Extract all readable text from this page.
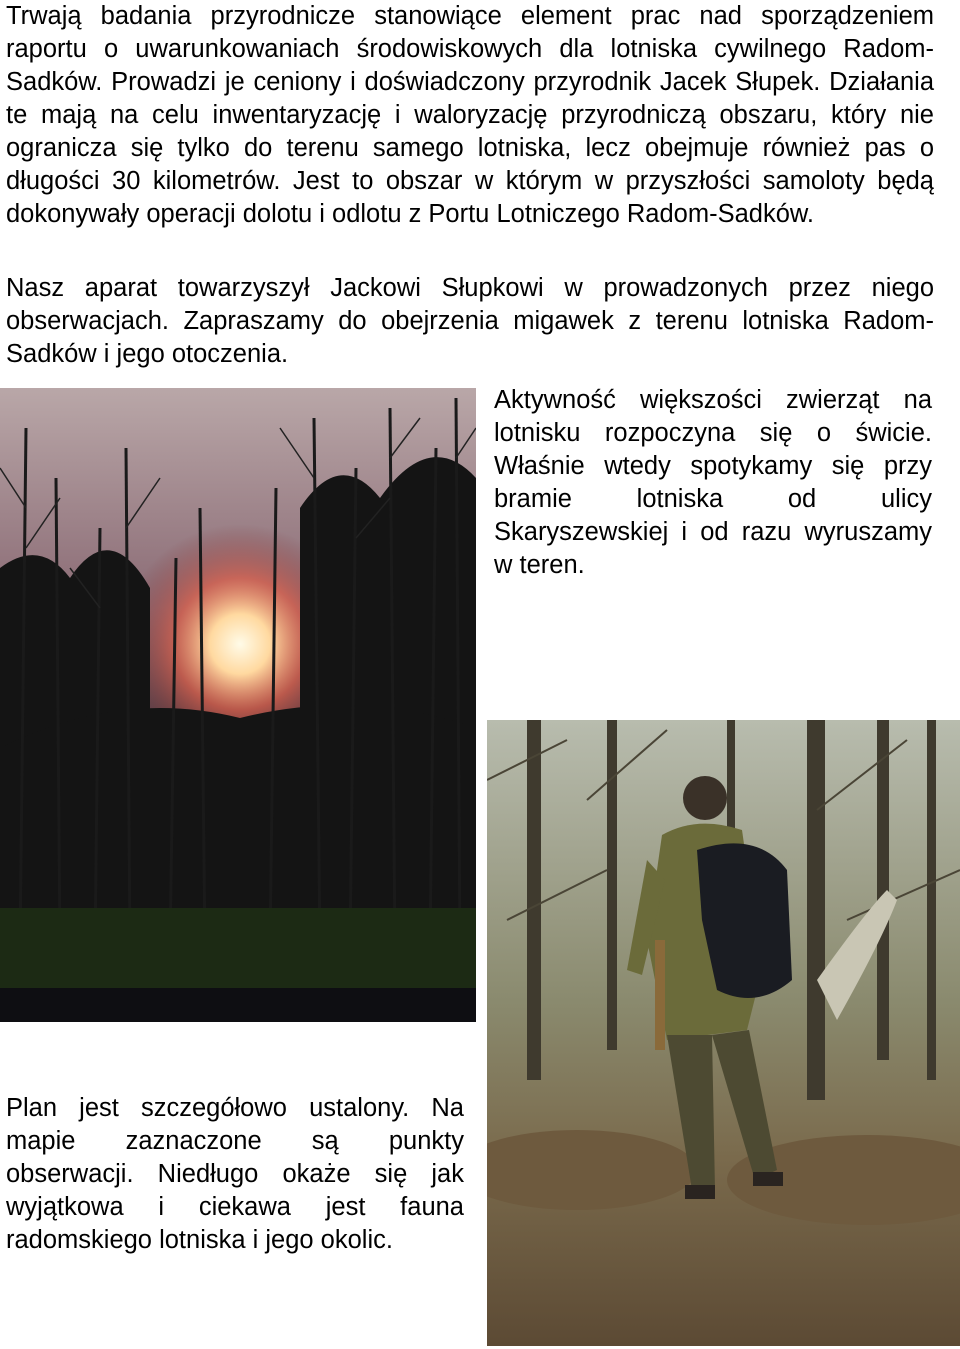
Trwają badania przyrodnicze stanowiące element prac nad sporządzeniem raportu o uwarunkowaniach środowiskowych dla lotniska cywilnego Radom-Sadków. Prowadzi je ceniony i doświadczony przyrodnik Jacek Słupek. Działania te mają na celu inwentaryzację i waloryzację przyrodniczą obszaru, który nie ogranicza się tylko do terenu samego lotniska, lecz obejmuje również pas o długości 30 kilometrów. Jest to obszar w którym w przyszłości samoloty będą dokonywały operacji dolotu i odlotu z Portu Lotniczego Radom-Sadków.

Nasz aparat towarzyszył Jackowi Słupkowi w prowadzonych przez niego obserwacjach. Zapraszamy do obejrzenia migawek z terenu lotniska Radom-Sadków i jego otoczenia.

Aktywność większości zwierząt na lotnisku rozpoczyna się o świcie. Właśnie wtedy spotykamy się przy bramie lotniska od ulicy Skaryszewskiej i od razu wyruszamy w teren.

Plan jest szczegółowo ustalony. Na mapie zaznaczone są punkty obserwacji. Niedługo okaże się jak wyjątkowa i ciekawa jest fauna radomskiego lotniska i jego okolic.
